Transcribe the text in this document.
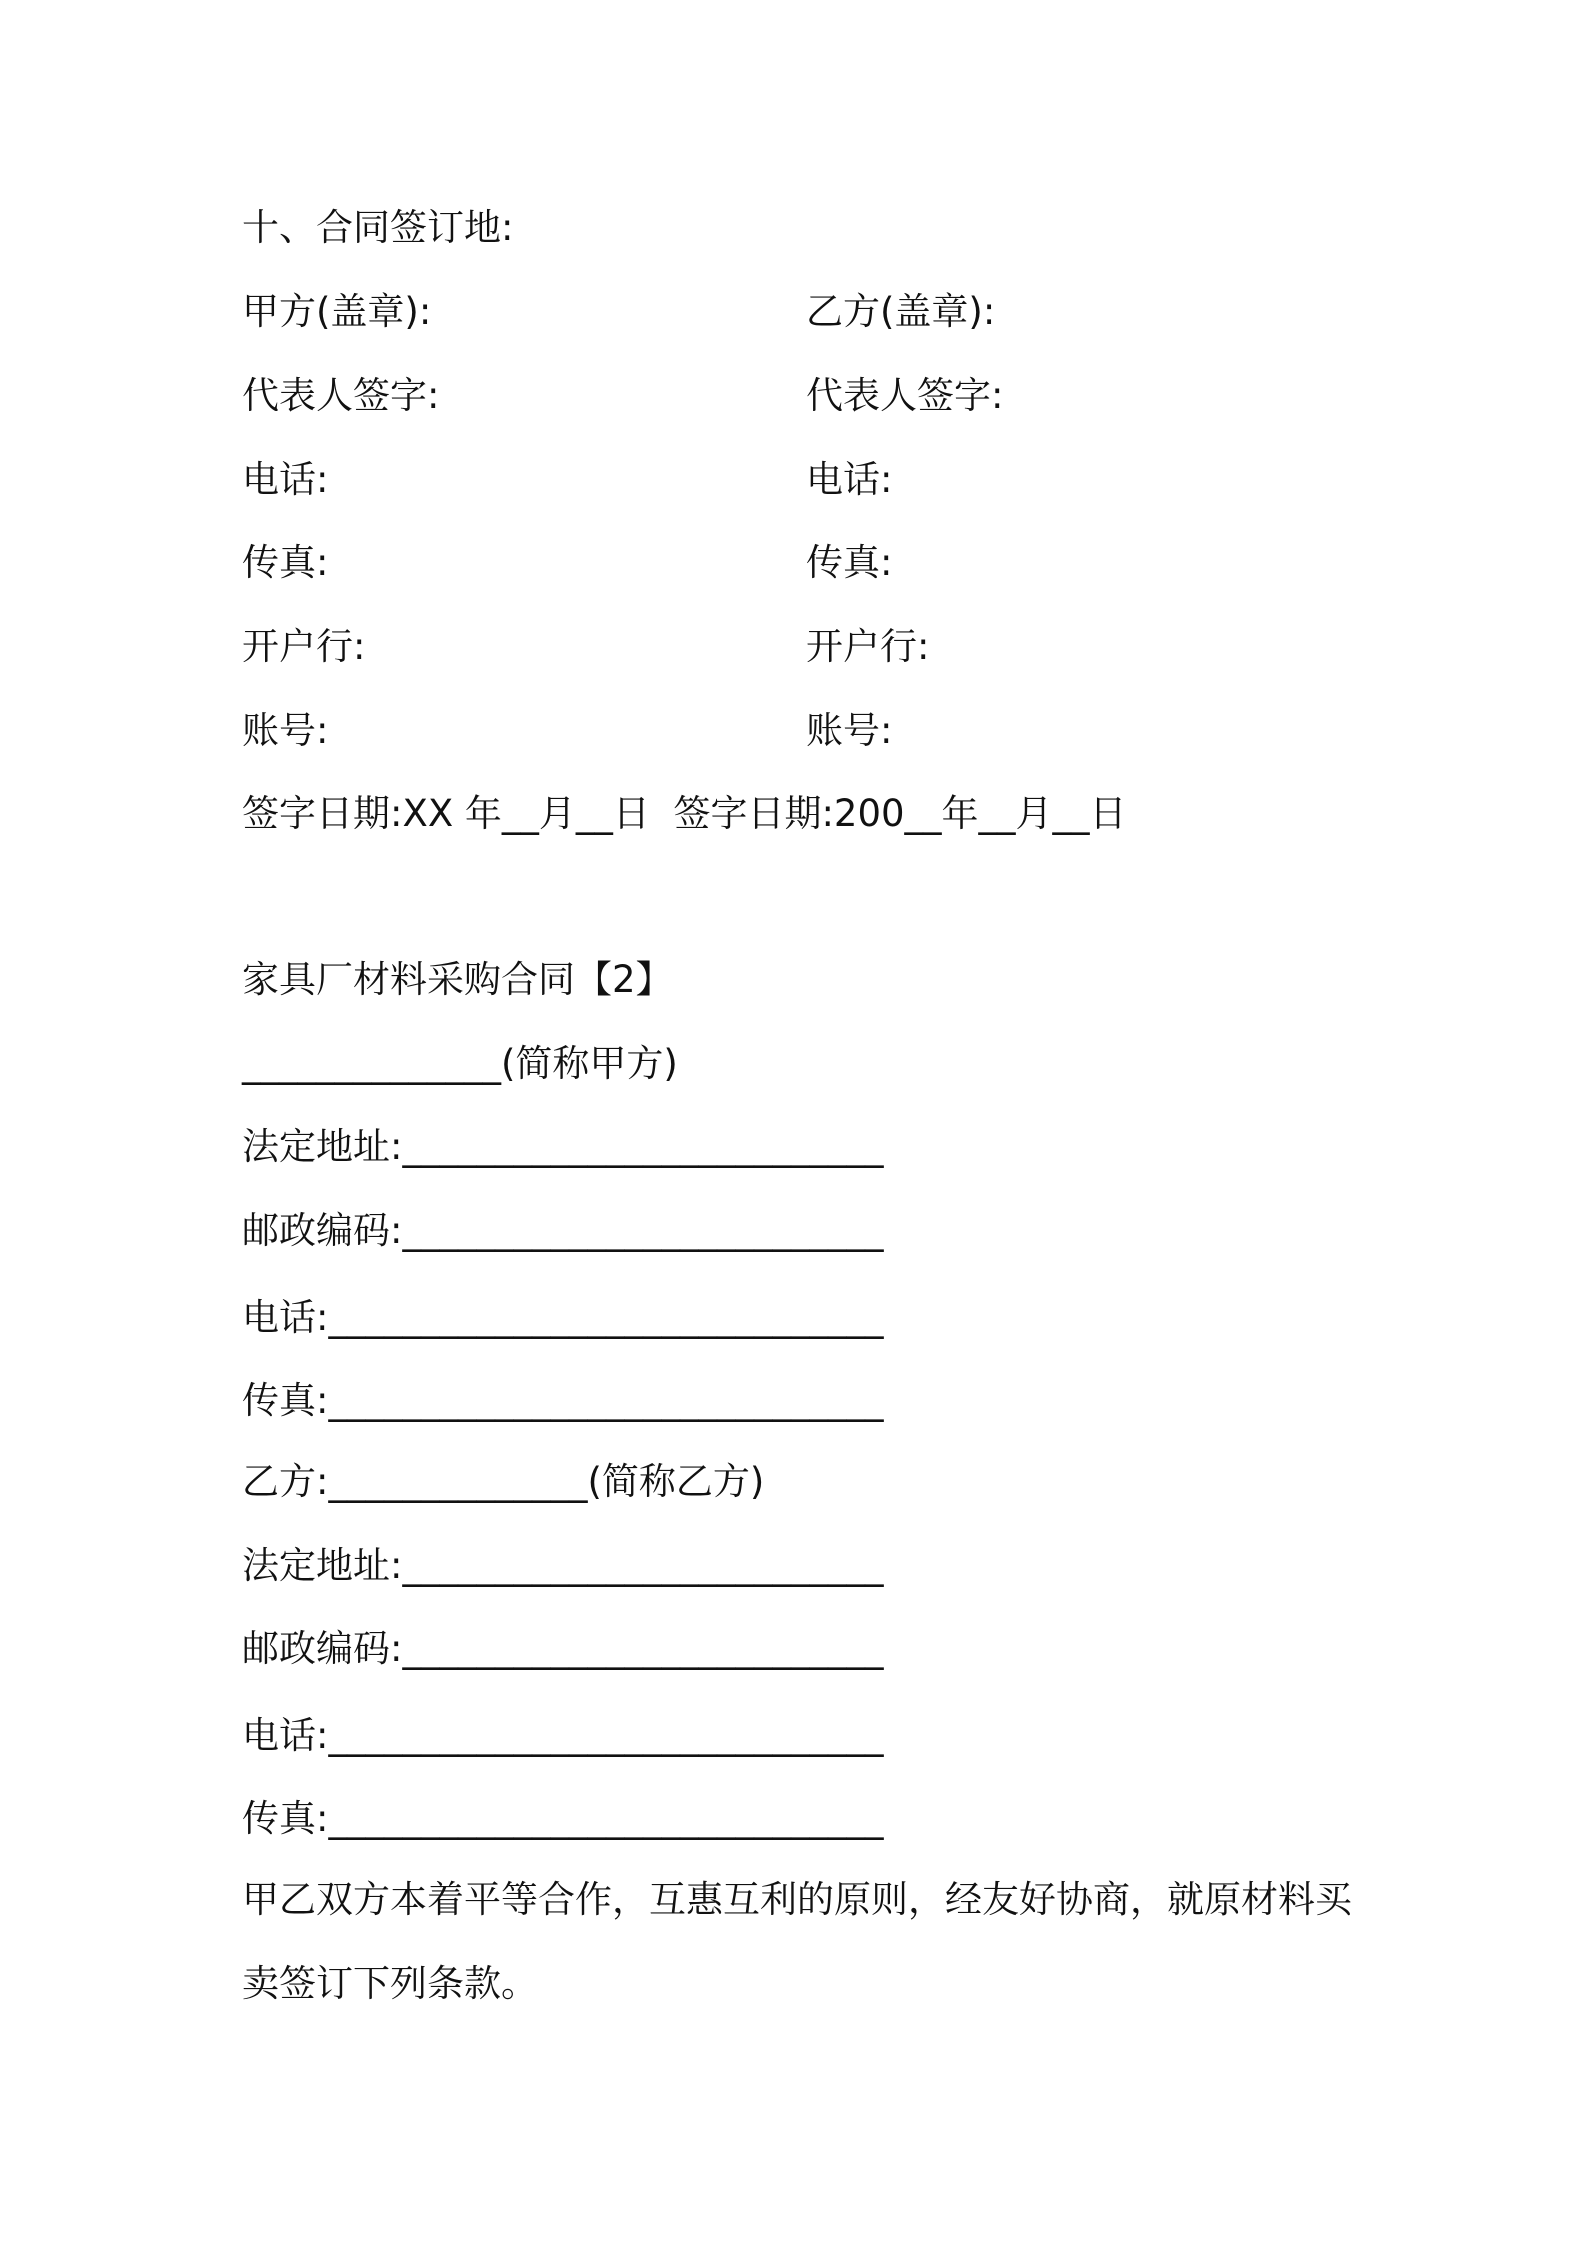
十、合同签订地:
甲方(盖章):	乙方(盖章):
代表人签字:	代表人签字:
电话:	电话:
传真:	传真:
开户行:	开户行:
账号:	账号:
签字日期:XX 年__月__日  签字日期:200__年__月__日
家具厂材料采购合同【2】
______________(简称甲方)
法定地址:__________________________
邮政编码:__________________________
电话:______________________________
传真:______________________________
乙方:______________(简称乙方)
法定地址:__________________________
邮政编码:__________________________
电话:______________________________
传真:______________________________
甲乙双方本着平等合作，互惠互利的原则，经友好协商，就原材料买
卖签订下列条款。
